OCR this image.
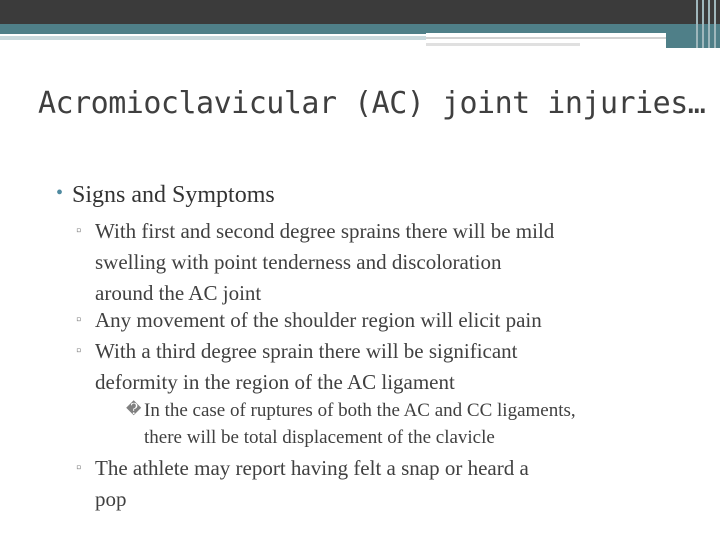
Acromioclavicular (AC) joint injuries…
• Signs and Symptoms
▫ With first and second degree sprains there will be mild
swelling with point tenderness and discoloration
around the AC joint
▫ Any movement of the shoulder region will elicit pain
▫ With a third degree sprain there will be significant
deformity in the region of the AC ligament
� In the case of ruptures of both the AC and CC ligaments,
there will be total displacement of the clavicle
▫ The athlete may report having felt a snap or heard a
pop
